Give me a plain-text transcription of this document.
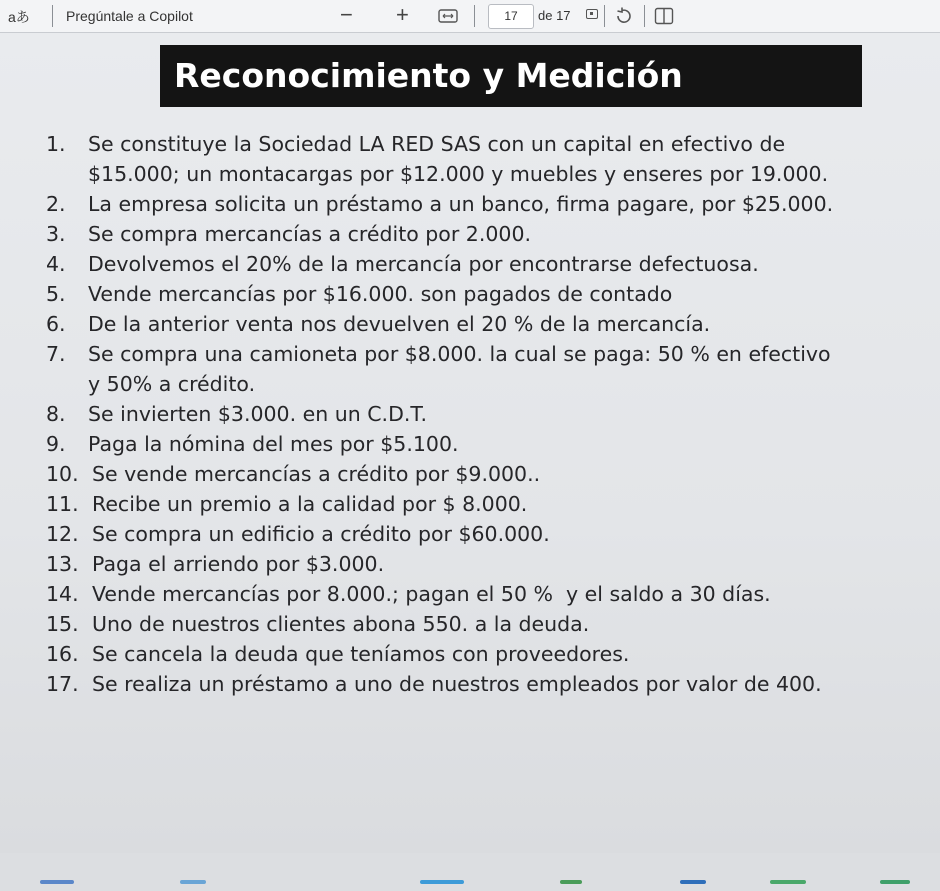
aあ	Pregúntale a Copilot	− +	17	de 17
Reconocimiento y Medición
1. Se constituye la Sociedad LA RED SAS con un capital en efectivo de
$15.000; un montacargas por $12.000 y muebles y enseres por 19.000.
2. La empresa solicita un préstamo a un banco, firma pagare, por $25.000.
3. Se compra mercancías a crédito por 2.000.
4. Devolvemos el 20% de la mercancía por encontrarse defectuosa.
5. Vende mercancías por $16.000. son pagados de contado
6. De la anterior venta nos devuelven el 20 % de la mercancía.
7. Se compra una camioneta por $8.000. la cual se paga: 50 % en efectivo
y 50% a crédito.
8. Se invierten $3.000. en un C.D.T.
9. Paga la nómina del mes por $5.100.
10. Se vende mercancías a crédito por $9.000..
11. Recibe un premio a la calidad por $ 8.000.
12. Se compra un edificio a crédito por $60.000.
13. Paga el arriendo por $3.000.
14. Vende mercancías por 8.000.; pagan el 50 %  y el saldo a 30 días.
15. Uno de nuestros clientes abona 550. a la deuda.
16. Se cancela la deuda que teníamos con proveedores.
17. Se realiza un préstamo a uno de nuestros empleados por valor de 400.
